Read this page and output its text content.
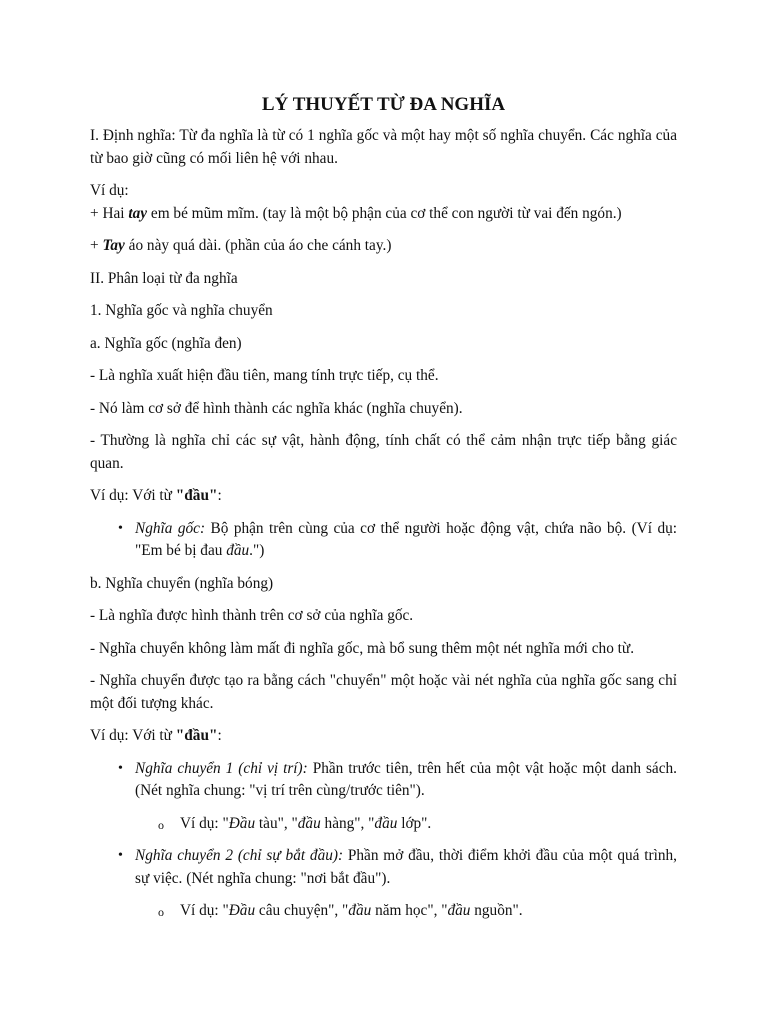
LÝ THUYẾT TỪ ĐA NGHĨA

I. Định nghĩa: Từ đa nghĩa là từ có 1 nghĩa gốc và một hay một số nghĩa chuyển. Các nghĩa của từ bao giờ cũng có mối liên hệ với nhau.

Ví dụ:

+ Hai tay em bé mũm mĩm. (tay là một bộ phận của cơ thể con người từ vai đến ngón.)

+ Tay áo này quá dài. (phần của áo che cánh tay.)

II. Phân loại từ đa nghĩa

1. Nghĩa gốc và nghĩa chuyển

a. Nghĩa gốc (nghĩa đen)

- Là nghĩa xuất hiện đầu tiên, mang tính trực tiếp, cụ thể.

- Nó làm cơ sở để hình thành các nghĩa khác (nghĩa chuyển).

- Thường là nghĩa chỉ các sự vật, hành động, tính chất có thể cảm nhận trực tiếp bằng giác quan.

Ví dụ: Với từ "đầu":

• Nghĩa gốc: Bộ phận trên cùng của cơ thể người hoặc động vật, chứa não bộ. (Ví dụ: "Em bé bị đau đầu.")

b. Nghĩa chuyển (nghĩa bóng)

- Là nghĩa được hình thành trên cơ sở của nghĩa gốc.

- Nghĩa chuyển không làm mất đi nghĩa gốc, mà bổ sung thêm một nét nghĩa mới cho từ.

- Nghĩa chuyển được tạo ra bằng cách "chuyển" một hoặc vài nét nghĩa của nghĩa gốc sang chỉ một đối tượng khác.

Ví dụ: Với từ "đầu":

• Nghĩa chuyển 1 (chỉ vị trí): Phần trước tiên, trên hết của một vật hoặc một danh sách. (Nét nghĩa chung: "vị trí trên cùng/trước tiên").
o Ví dụ: "Đầu tàu", "đầu hàng", "đầu lớp".
• Nghĩa chuyển 2 (chỉ sự bắt đầu): Phần mở đầu, thời điểm khởi đầu của một quá trình, sự việc. (Nét nghĩa chung: "nơi bắt đầu").
o Ví dụ: "Đầu câu chuyện", "đầu năm học", "đầu nguồn".
